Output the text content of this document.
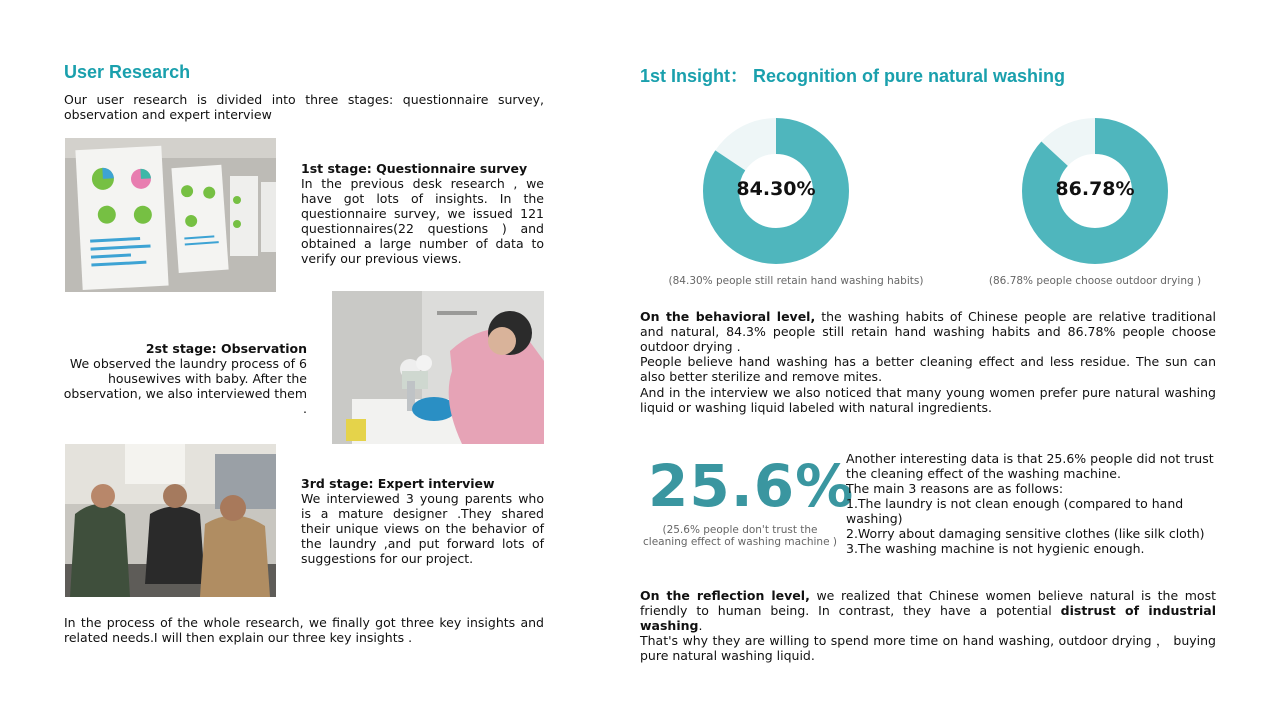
User Research
Our user research is divided into three stages: questionnaire survey, observation and expert interview
1st stage: Questionnaire survey
In the previous desk research , we have got lots of insights. In the questionnaire survey, we issued 121 questionnaires(22 questions ) and obtained a large number of data to verify our previous views.
2st stage: Observation
We observed the laundry process of 6 housewives with baby. After the observation, we also interviewed them .
3rd stage: Expert interview
We interviewed 3 young parents who is a mature designer .They shared their unique views on the behavior of the laundry ,and put forward lots of suggestions for our project.
In the process of the whole research, we finally got three key insights and related needs.I will then explain our three key insights .
1st Insight： Recognition of pure natural washing
84.30%
(84.30% people still retain hand washing habits)
86.78%
(86.78% people choose outdoor drying )
On the behavioral level, the washing habits of Chinese people are relative traditional and natural, 84.3% people still retain hand washing habits and 86.78% people choose outdoor drying .
People believe hand washing has a better cleaning effect and less residue. The sun can also better sterilize and remove mites.
And in the interview we also noticed that many young women prefer pure natural washing liquid or washing liquid labeled with natural ingredients.
25.6%
(25.6% people don't trust the
cleaning effect of washing machine )
Another interesting data is that 25.6% people did not trust the cleaning effect of the washing machine.
The main 3 reasons are as follows:
1.The laundry is not clean enough (compared to hand washing)
2.Worry about damaging sensitive clothes (like silk cloth)
3.The washing machine is not hygienic enough.
On the reflection level, we realized that Chinese women believe natural is the most friendly to human being. In contrast, they have a potential distrust of industrial washing.
That's why they are willing to spend more time on hand washing, outdoor drying ， buying pure natural washing liquid.
